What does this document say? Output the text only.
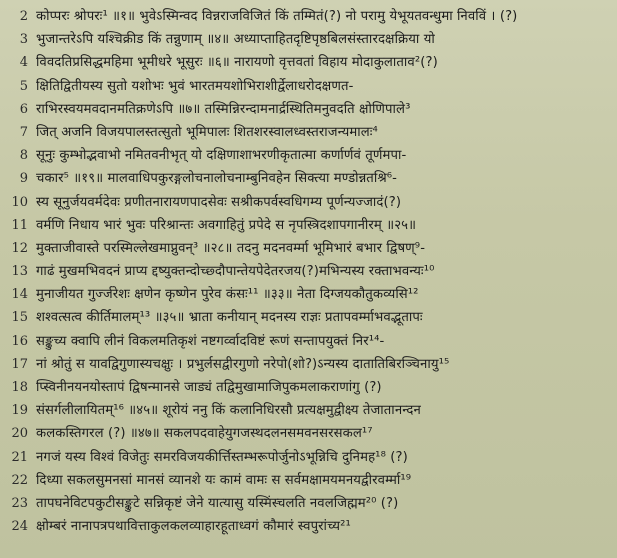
2 कोप्परः श्रोपरः¹ ॥१॥ भुवेऽस्मिन्वद विन्नराजविजितं किं तम्मितं(?) नो परामु येभूयतवन्धुमा निवविं । (?)
3 भुजान्तरेऽपि यश्चिक्रीड किं तन्नुणाम् ॥४॥ अध्याप्ताहितदृष्टिपृष्ठबिलसंस्तारदक्षक्रिया यो
4 विवदतिप्रसिद्धमहिमा भूमीधरे भूसुरः ॥६॥ नारायणो वृत्तवतां विहाय मोदाकुलाताव²(?)
5 क्षितिद्वितीयस्य सुतो यशोभः भुवं भारतमयशोभिराशीर्द्वेलाधरोदक्षणत-
6 राभिरस्वयमवदानमतिक्रणेऽपि ॥७॥ तस्मिन्निरन्दामनार्द्रस्थितिमनुवदति क्षोणिपाले³
7 जित् अजनि विजयपालस्तत्सुतो भूमिपालः शितशरस्वालध्वस्तराजन्यमालः⁴
8 सूनुः कुम्भोद्भवाभो नमितवनीभृत् यो दक्षिणाशाभरणीकृतात्मा कर्णार्णवं तूर्णमपा-
9 चकार⁵ ॥१९॥ मालवाधिपकुरङ्गलोचनालोचनाम्बुनिवहेन सिक्त्या मण्डोन्नतश्रि⁶-
10 स्य सूनुर्जयवर्मदेवः प्रणीतनारायणपादसेवः सश्रीकपर्वस्वधिगम्य पूर्णन्यज्जादं(?)
11 वर्मणि निधाय भारं भुवः परिश्रान्तः अवगाहितुं प्रपेदे स नृपस्त्रिदशापगानीरम् ॥२५॥
12 मुक्ताजीवास्ते परस्मिल्लेखमाप्नुवन्³ ॥२८॥ तदनु मदनवर्म्मा भूमिभारं बभार द्विषण्⁹-
13 गाढं मुखमभिवदनं प्राप्य द्दष्युक्तन्दोच्छ्दौपान्तेयपेदेतरजय(?)मभिन्यस्य रक्ताभवन्यः¹⁰
14 मुनाजीयत गुर्ज्जरेशः क्षणेन कृष्णेन पुरेव कंसः¹¹ ॥३३॥ नेता दिग्जयकौतुकव्यसि¹²
15 शश्वत्सत्व कीर्तिमालम्¹³ ॥३५॥ भ्राता कनीयान् मदनस्य राज्ञः प्रतापवर्म्माभवद्भूतापः
16 सङ्कुच्य क्वापि लीनं विकलमतिकृशं नष्टगर्व्वादविष्टं रूणं सन्तापयुक्तं निर¹⁴-
17 नां श्रोतुं स यावद्विगुणास्यचक्षुः । प्रभुर्लसद्वीरगुणो नरेपो(शो?)ऽन्यस्य दातातिबिरञ्चिनायु¹⁵
18 प्स्विनीनयनयोस्तापं द्विषन्मानसे जाड्यं तद्विमुखामाजिपुकमलाकराणांगु (?)
19 संसर्गलीलायितम्¹⁶ ॥४५॥ शूरोयं ननु किं कलानिधिरसौ प्रत्यक्षमुद्वीक्ष्य तेजातानन्दन
20 कलकस्तिगरल (?) ॥४७॥ सकलपदवाहेयुगजस्थदलनसमवनसरसकल¹⁷
21 नगजं यस्य विश्वं विजेतुः समरविजयकीर्त्तिस्तम्भरूपोर्जुनोऽभून्निचि दुनिमह¹⁸ (?)
22 दिध्या सकलसुमनसां मानसं व्यानशे यः कामं वामः स सर्वमक्षामयमनयद्वीरवर्म्मा¹⁹
23 तापघनेविटपकुटीसङ्कुटे सन्निकृष्टं जेने यात्यासु यस्मिंस्चलति नवलजिह्मम²⁰ (?)
24 क्षोम्बरं नानापत्रपथावित्ताकुलकलव्याहारहूताध्वगं कौमारं स्वपुरांच्य²¹
